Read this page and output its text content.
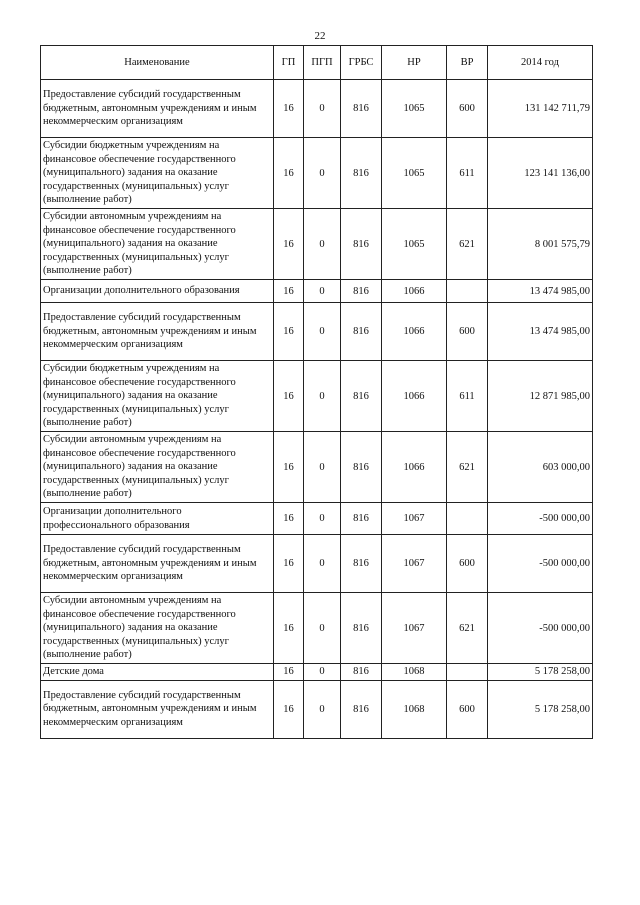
22
Наименование	ГП	ПГП	ГРБС	НР	ВР	2014 год
Предоставление субсидий государственным бюджетным, автономным учреждениям и иным некоммерческим организациям	16	0	816	1065	600	131 142 711,79
Субсидии бюджетным учреждениям на финансовое обеспечение государственного (муниципального) задания на оказание государственных (муниципальных) услуг (выполнение работ)	16	0	816	1065	611	123 141 136,00
Субсидии автономным учреждениям на финансовое обеспечение государственного (муниципального) задания на оказание государственных (муниципальных) услуг (выполнение работ)	16	0	816	1065	621	8 001 575,79
Организации дополнительного образования	16	0	816	1066		13 474 985,00
Предоставление субсидий государственным бюджетным, автономным учреждениям и иным некоммерческим организациям	16	0	816	1066	600	13 474 985,00
Субсидии бюджетным учреждениям на финансовое обеспечение государственного (муниципального) задания на оказание государственных (муниципальных) услуг (выполнение работ)	16	0	816	1066	611	12 871 985,00
Субсидии автономным учреждениям на финансовое обеспечение государственного (муниципального) задания на оказание государственных (муниципальных) услуг (выполнение работ)	16	0	816	1066	621	603 000,00
Организации дополнительного профессионального образования	16	0	816	1067		-500 000,00
Предоставление субсидий государственным бюджетным, автономным учреждениям и иным некоммерческим организациям	16	0	816	1067	600	-500 000,00
Субсидии автономным учреждениям на финансовое обеспечение государственного (муниципального) задания на оказание государственных (муниципальных) услуг (выполнение работ)	16	0	816	1067	621	-500 000,00
Детские дома	16	0	816	1068		5 178 258,00
Предоставление субсидий государственным бюджетным, автономным учреждениям и иным некоммерческим организациям	16	0	816	1068	600	5 178 258,00
